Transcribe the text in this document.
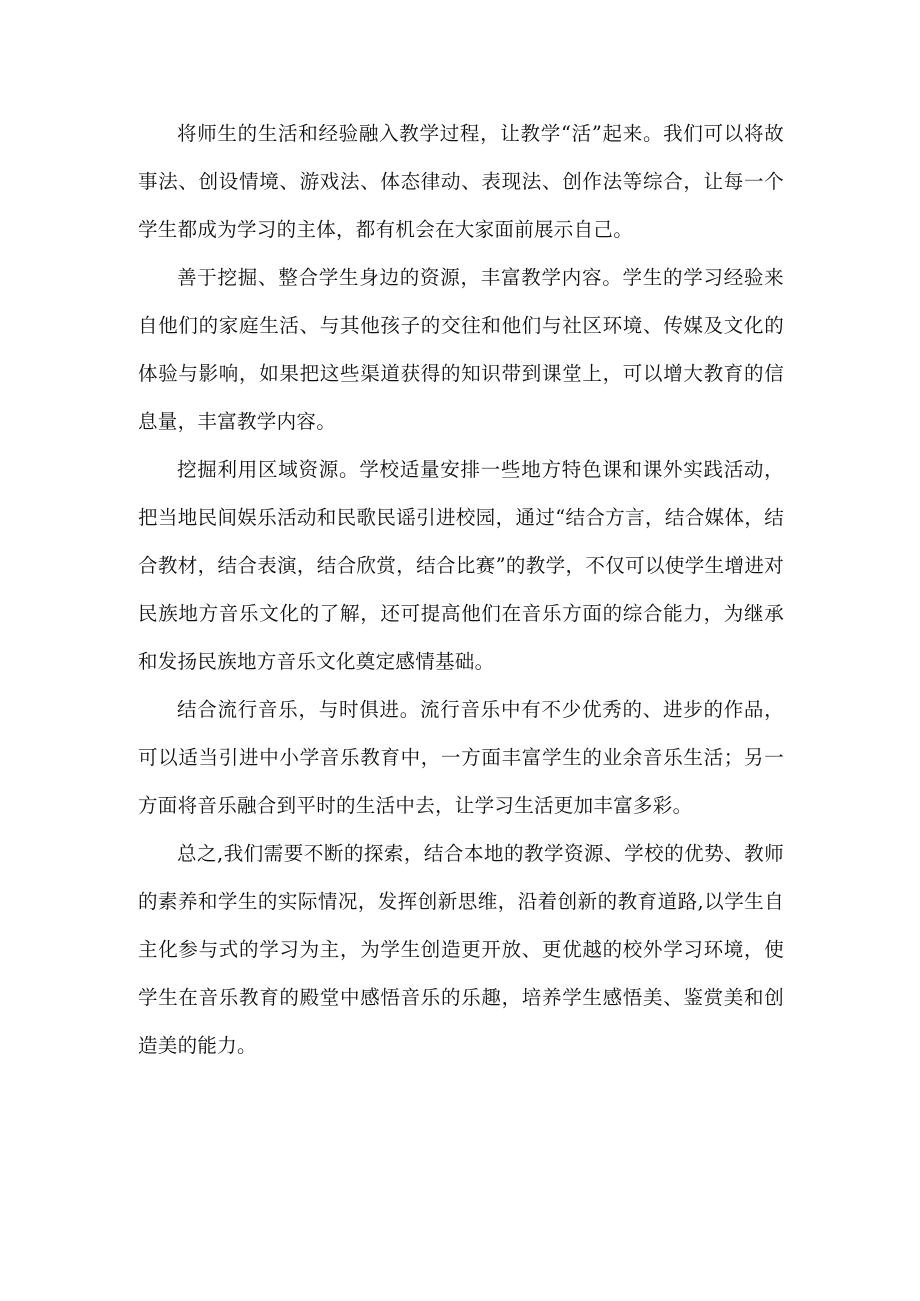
将师生的生活和经验融入教学过程，让教学“活”起来。我们可以将故事法、创设情境、游戏法、体态律动、表现法、创作法等综合，让每一个学生都成为学习的主体，都有机会在大家面前展示自己。

善于挖掘、整合学生身边的资源，丰富教学内容。学生的学习经验来自他们的家庭生活、与其他孩子的交往和他们与社区环境、传媒及文化的体验与影响，如果把这些渠道获得的知识带到课堂上，可以增大教育的信息量，丰富教学内容。

挖掘利用区域资源。学校适量安排一些地方特色课和课外实践活动，把当地民间娱乐活动和民歌民谣引进校园，通过“结合方言，结合媒体，结合教材，结合表演，结合欣赏，结合比赛”的教学，不仅可以使学生增进对民族地方音乐文化的了解，还可提高他们在音乐方面的综合能力，为继承和发扬民族地方音乐文化奠定感情基础。

结合流行音乐，与时俱进。流行音乐中有不少优秀的、进步的作品，可以适当引进中小学音乐教育中，一方面丰富学生的业余音乐生活；另一方面将音乐融合到平时的生活中去，让学习生活更加丰富多彩。

总之,我们需要不断的探索，结合本地的教学资源、学校的优势、教师的素养和学生的实际情况，发挥创新思维，沿着创新的教育道路,以学生自主化参与式的学习为主，为学生创造更开放、更优越的校外学习环境，使学生在音乐教育的殿堂中感悟音乐的乐趣，培养学生感悟美、鉴赏美和创造美的能力。
